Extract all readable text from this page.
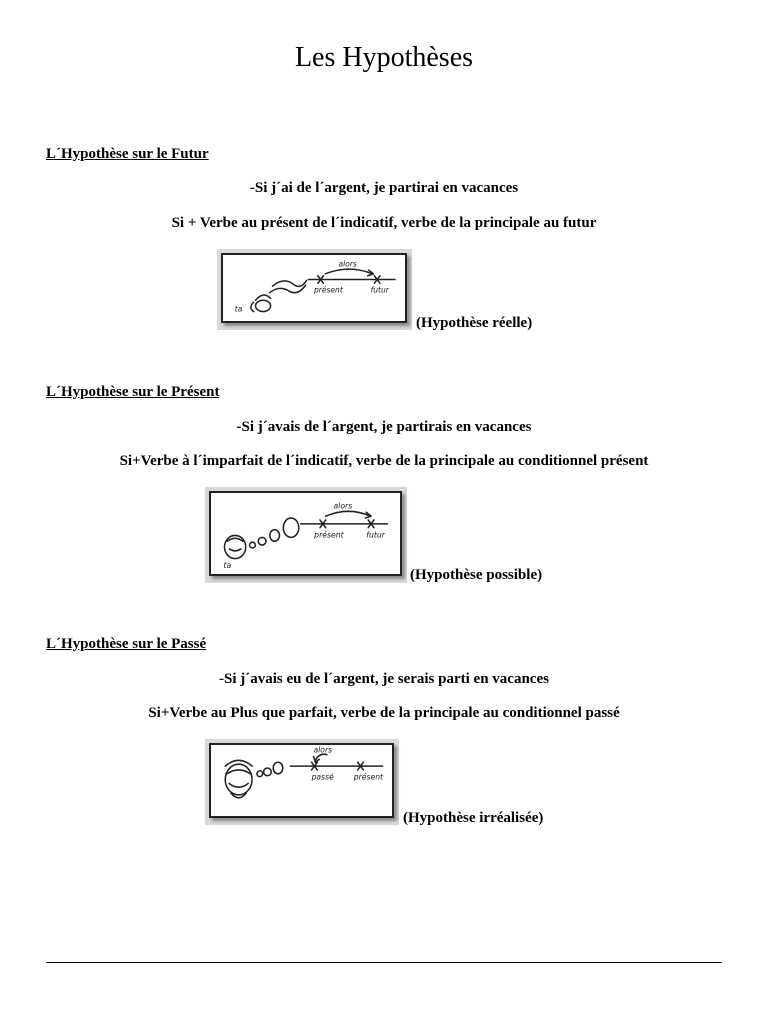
Les Hypothèses
L´Hypothèse sur le Futur
-Si j´ai de l´argent, je partirai en vacances
Si + Verbe au présent de l´indicatif, verbe de la principale au futur
ta
alors
présent	futur
(Hypothèse réelle)
L´Hypothèse sur le Présent
-Si j´avais de l´argent, je partirais en vacances
Si+Verbe à l´imparfait de l´indicatif, verbe de la principale au conditionnel présent
ta
alors
présent	futur
(Hypothèse possible)
L´Hypothèse sur le Passé
-Si j´avais eu de l´argent, je serais parti en vacances
Si+Verbe au Plus que parfait, verbe de la principale au conditionnel passé
alors
passé présent
(Hypothèse irréalisée)
